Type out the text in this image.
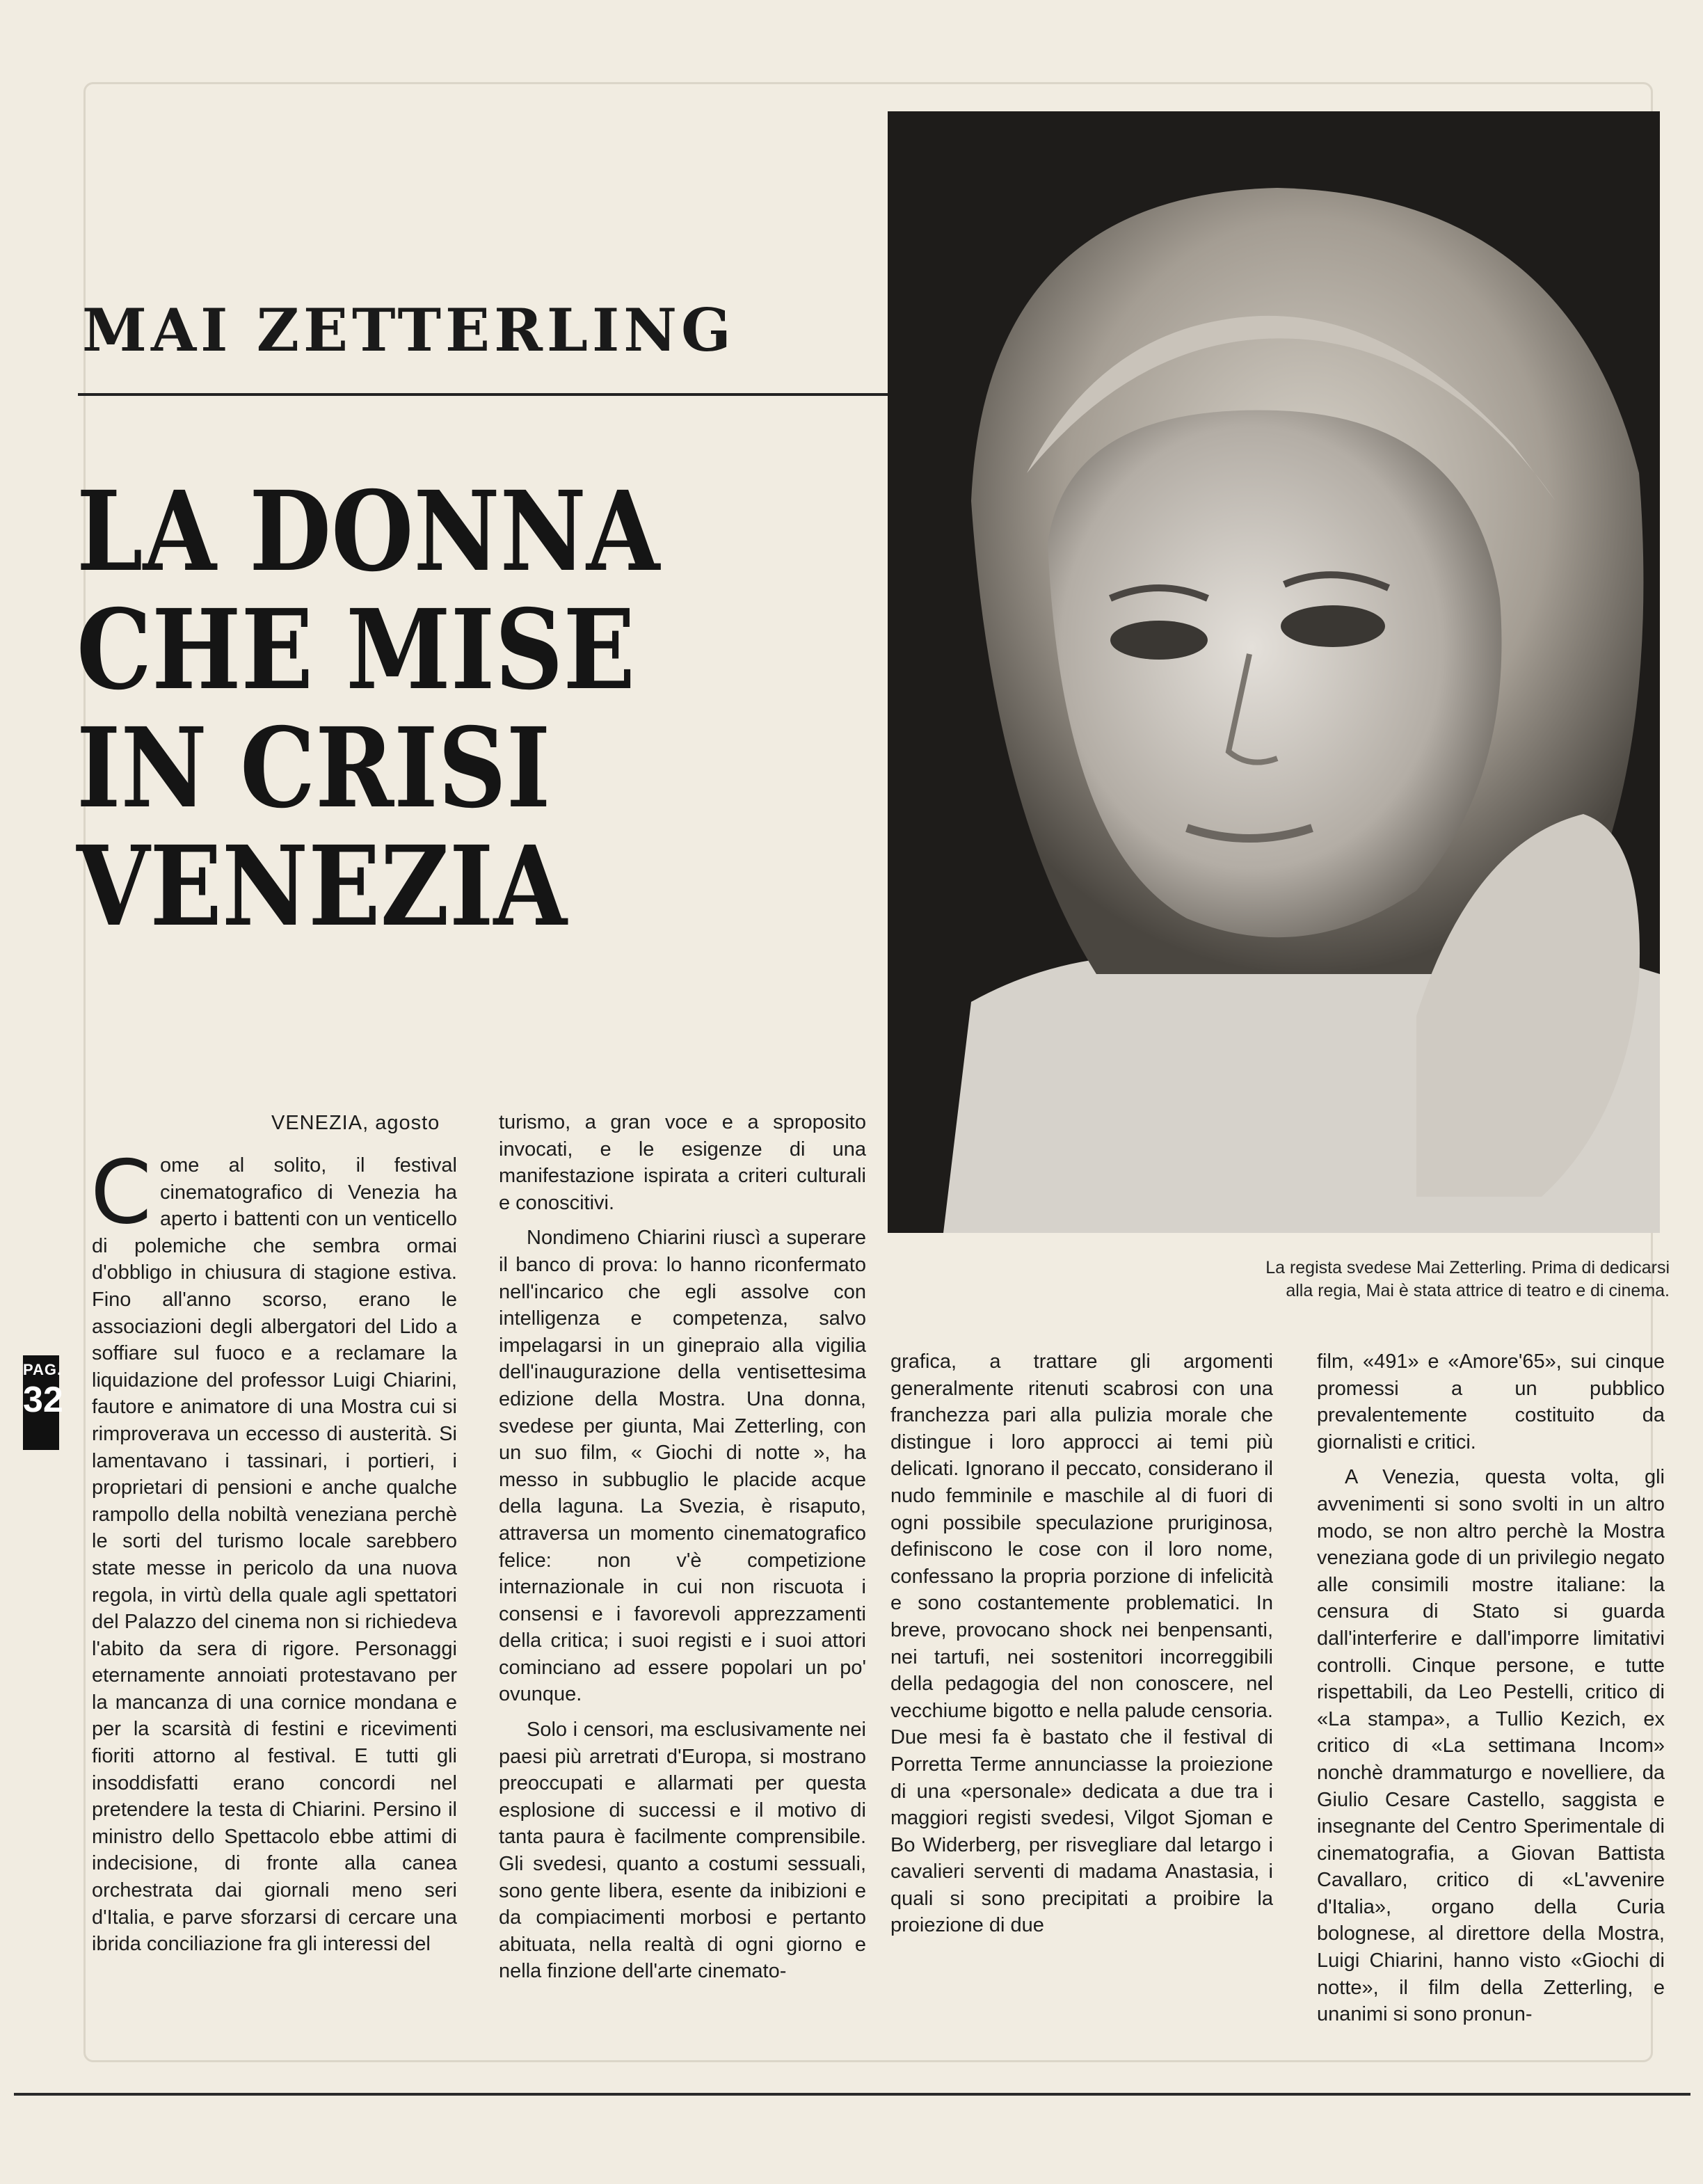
MAI ZETTERLING
LA DONNA
CHE MISE
IN CRISI
VENEZIA

La regista svedese Mai Zetterling. Prima di dedicarsi
alla regia, Mai è stata attrice di teatro e di cinema.

PAG.
32

VENEZIA, agosto

C ome al solito, il festival cinematografico di Venezia ha aperto i battenti con un venticello di polemiche che sembra ormai d'obbligo in chiusura di stagione estiva. Fino all'anno scorso, erano le associazioni degli albergatori del Lido a soffiare sul fuoco e a reclamare la liquidazione del professor Luigi Chiarini, fautore e animatore di una Mostra cui si rimproverava un eccesso di austerità. Si lamentavano i tassinari, i portieri, i proprietari di pensioni e anche qualche rampollo della nobiltà veneziana perchè le sorti del turismo locale sarebbero state messe in pericolo da una nuova regola, in virtù della quale agli spettatori del Palazzo del cinema non si richiedeva l'abito da sera di rigore. Personaggi eternamente annoiati protestavano per la mancanza di una cornice mondana e per la scarsità di festini e ricevimenti fioriti attorno al festival. E tutti gli insoddisfatti erano concordi nel pretendere la testa di Chiarini. Persino il ministro dello Spettacolo ebbe attimi di indecisione, di fronte alla canea orchestrata dai giornali meno seri d'Italia, e parve sforzarsi di cercare una ibrida conciliazione fra gli interessi del
turismo, a gran voce e a sproposito invocati, e le esigenze di una manifestazione ispirata a criteri culturali e conoscitivi.
Nondimeno Chiarini riuscì a superare il banco di prova: lo hanno riconfermato nell'incarico che egli assolve con intelligenza e competenza, salvo impelagarsi in un ginepraio alla vigilia dell'inaugurazione della ventisettesima edizione della Mostra. Una donna, svedese per giunta, Mai Zetterling, con un suo film, « Giochi di notte », ha messo in subbuglio le placide acque della laguna. La Svezia, è risaputo, attraversa un momento cinematografico felice: non v'è competizione internazionale in cui non riscuota i consensi e i favorevoli apprezzamenti della critica; i suoi registi e i suoi attori cominciano ad essere popolari un po' ovunque.
Solo i censori, ma esclusivamente nei paesi più arretrati d'Europa, si mostrano preoccupati e allarmati per questa esplosione di successi e il motivo di tanta paura è facilmente comprensibile. Gli svedesi, quanto a costumi sessuali, sono gente libera, esente da inibizioni e da compiacimenti morbosi e pertanto abituata, nella realtà di ogni giorno e nella finzione dell'arte cinemato-
grafica, a trattare gli argomenti generalmente ritenuti scabrosi con una franchezza pari alla pulizia morale che distingue i loro approcci ai temi più delicati. Ignorano il peccato, considerano il nudo femminile e maschile al di fuori di ogni possibile speculazione pruriginosa, definiscono le cose con il loro nome, confessano la propria porzione di infelicità e sono costantemente problematici. In breve, provocano shock nei benpensanti, nei tartufi, nei sostenitori incorreggibili della pedagogia del non conoscere, nel vecchiume bigotto e nella palude censoria. Due mesi fa è bastato che il festival di Porretta Terme annunciasse la proiezione di una «personale» dedicata a due tra i maggiori registi svedesi, Vilgot Sjoman e Bo Widerberg, per risvegliare dal letargo i cavalieri serventi di madama Anastasia, i quali si sono precipitati a proibire la proiezione di due
film, «491» e «Amore'65», sui cinque promessi a un pubblico prevalentemente costituito da giornalisti e critici.
A Venezia, questa volta, gli avvenimenti si sono svolti in un altro modo, se non altro perchè la Mostra veneziana gode di un privilegio negato alle consimili mostre italiane: la censura di Stato si guarda dall'interferire e dall'imporre limitativi controlli. Cinque persone, e tutte rispettabili, da Leo Pestelli, critico di «La stampa», a Tullio Kezich, ex critico di «La settimana Incom» nonchè drammaturgo e novelliere, da Giulio Cesare Castello, saggista e insegnante del Centro Sperimentale di cinematografia, a Giovan Battista Cavallaro, critico di «L'avvenire d'Italia», organo della Curia bolognese, al direttore della Mostra, Luigi Chiarini, hanno visto «Giochi di notte», il film della Zetterling, e unanimi si sono pronun-
